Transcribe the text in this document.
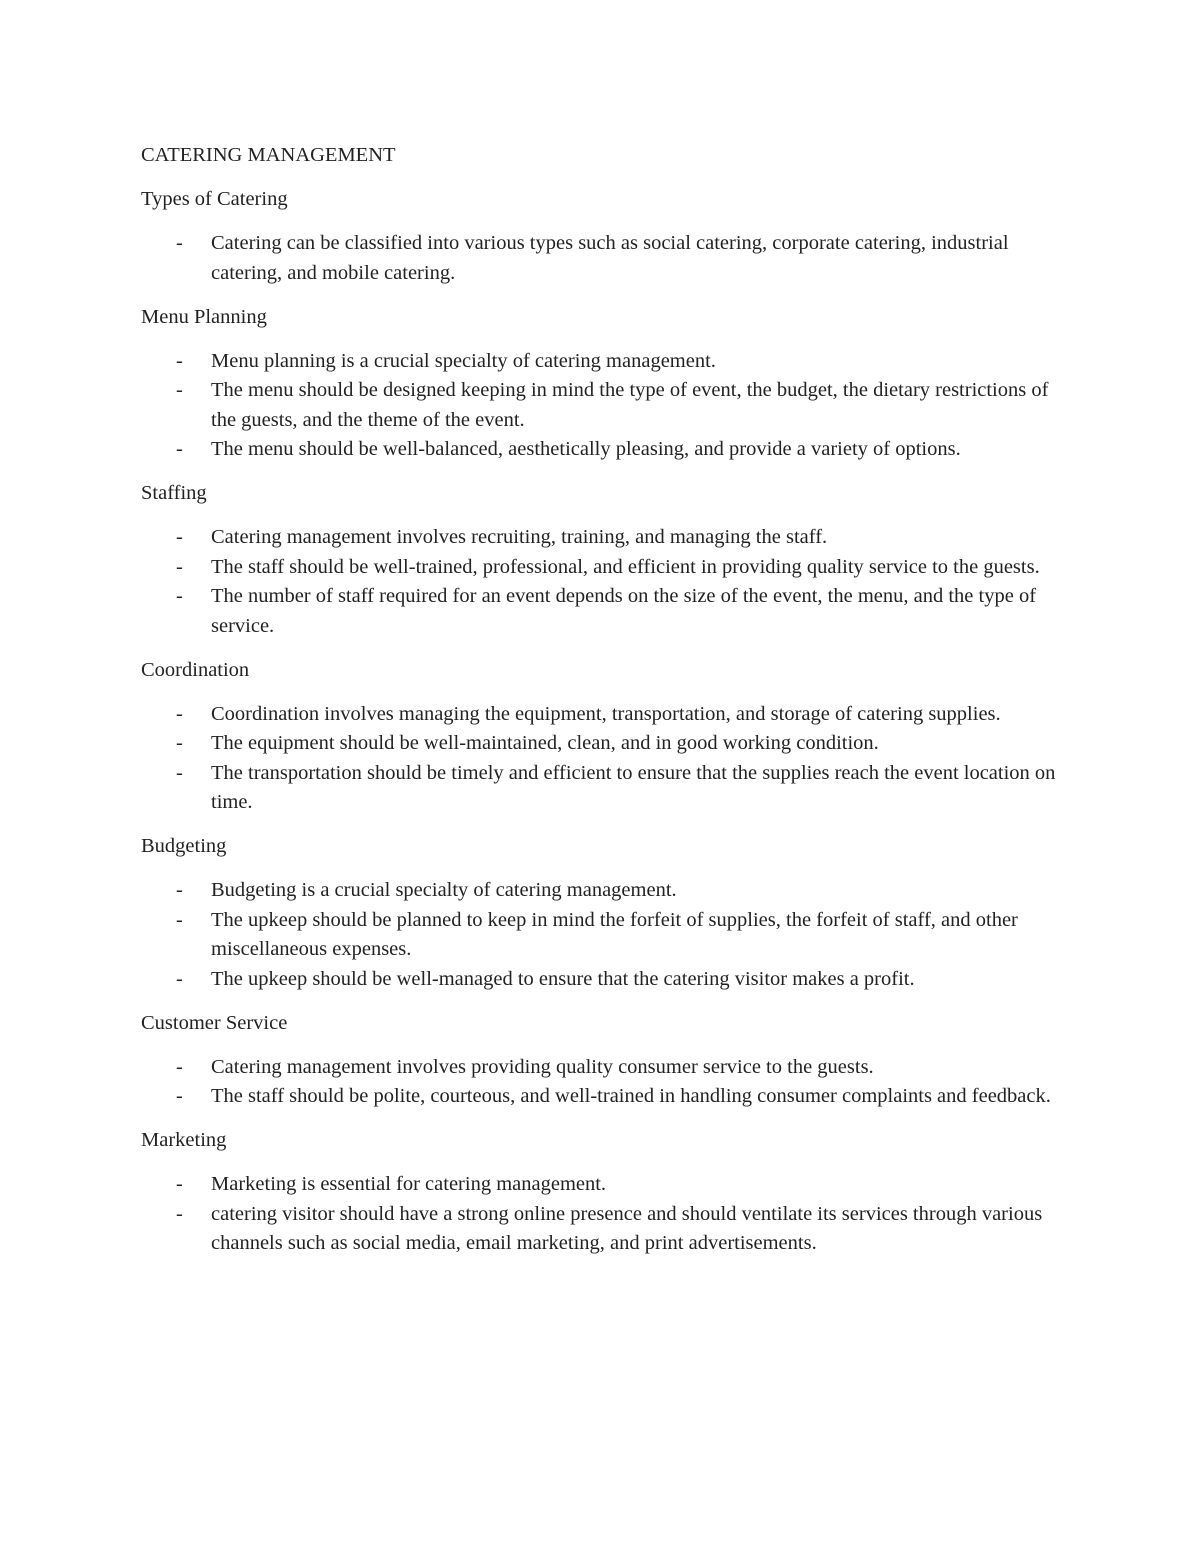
CATERING MANAGEMENT
Types of Catering
- Catering can be classified into various types such as social catering, corporate catering, industrial catering, and mobile catering.
Menu Planning
- Menu planning is a crucial specialty of catering management.
- The menu should be designed keeping in mind the type of event, the budget, the dietary restrictions of the guests, and the theme of the event.
- The menu should be well-balanced, aesthetically pleasing, and provide a variety of options.
Staffing
- Catering management involves recruiting, training, and managing the staff.
- The staff should be well-trained, professional, and efficient in providing quality service to the guests.
- The number of staff required for an event depends on the size of the event, the menu, and the type of service.
Coordination
- Coordination involves managing the equipment, transportation, and storage of catering supplies.
- The equipment should be well-maintained, clean, and in good working condition.
- The transportation should be timely and efficient to ensure that the supplies reach the event location on time.
Budgeting
- Budgeting is a crucial specialty of catering management.
- The upkeep should be planned to keep in mind the forfeit of supplies, the forfeit of staff, and other miscellaneous expenses.
- The upkeep should be well-managed to ensure that the catering visitor makes a profit.
Customer Service
- Catering management involves providing quality consumer service to the guests.
- The staff should be polite, courteous, and well-trained in handling consumer complaints and feedback.
Marketing
- Marketing is essential for catering management.
- catering visitor should have a strong online presence and should ventilate its services through various channels such as social media, email marketing, and print advertisements.
